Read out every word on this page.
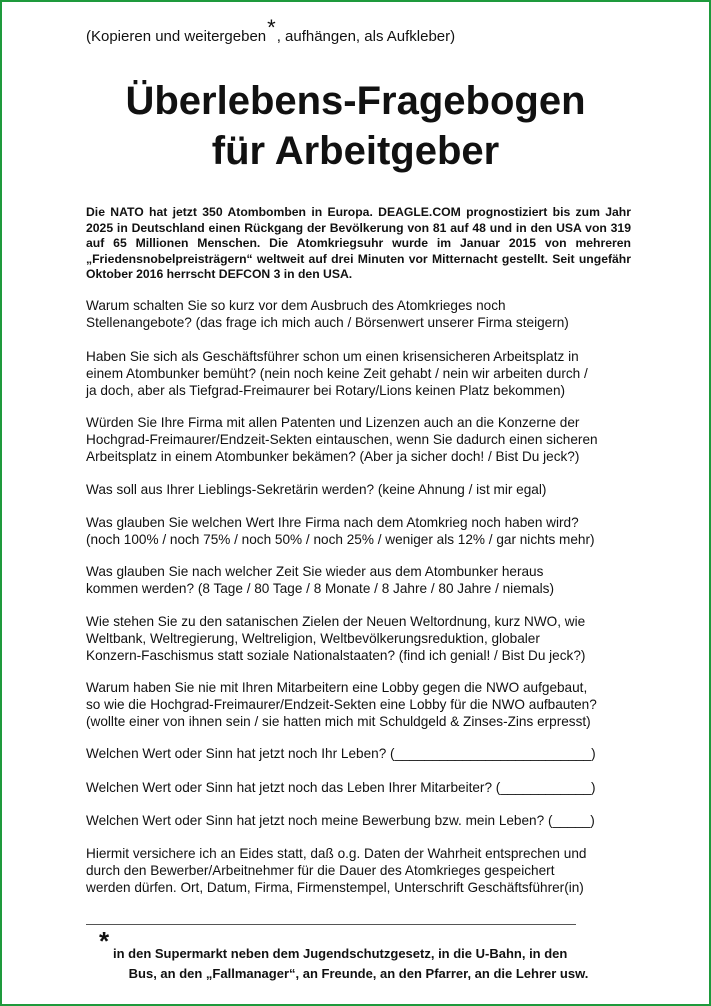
(Kopieren und weitergeben*, aufhängen, als Aufkleber)
Überlebens-Fragebogen
für Arbeitgeber
Die NATO hat jetzt 350 Atombomben in Europa. DEAGLE.COM prognostiziert bis zum Jahr 2025 in Deutschland einen Rückgang der Bevölkerung von 81 auf 48 und in den USA von 319 auf 65 Millionen Menschen. Die Atomkriegsuhr wurde im Januar 2015 von mehreren „Friedensnobelpreisträgern“ weltweit auf drei Minuten vor Mitternacht gestellt. Seit ungefähr Oktober 2016 herrscht DEFCON 3 in den USA.
Warum schalten Sie so kurz vor dem Ausbruch des Atomkrieges noch
Stellenangebote? (das frage ich mich auch / Börsenwert unserer Firma steigern)
Haben Sie sich als Geschäftsführer schon um einen krisensicheren Arbeitsplatz in
einem Atombunker bemüht? (nein noch keine Zeit gehabt / nein wir arbeiten durch /
ja doch, aber als Tiefgrad-Freimaurer bei Rotary/Lions keinen Platz bekommen)
Würden Sie Ihre Firma mit allen Patenten und Lizenzen auch an die Konzerne der
Hochgrad-Freimaurer/Endzeit-Sekten eintauschen, wenn Sie dadurch einen sicheren
Arbeitsplatz in einem Atombunker bekämen? (Aber ja sicher doch! / Bist Du jeck?)
Was soll aus Ihrer Lieblings-Sekretärin werden? (keine Ahnung / ist mir egal)
Was glauben Sie welchen Wert Ihre Firma nach dem Atomkrieg noch haben wird?
(noch 100% / noch 75% / noch 50% / noch 25% / weniger als 12% / gar nichts mehr)
Was glauben Sie nach welcher Zeit Sie wieder aus dem Atombunker heraus
kommen werden? (8 Tage / 80 Tage / 8 Monate / 8 Jahre / 80 Jahre / niemals)
Wie stehen Sie zu den satanischen Zielen der Neuen Weltordnung, kurz NWO, wie
Weltbank, Weltregierung, Weltreligion, Weltbevölkerungsreduktion, globaler
Konzern-Faschismus statt soziale Nationalstaaten? (find ich genial! / Bist Du jeck?)
Warum haben Sie nie mit Ihren Mitarbeitern eine Lobby gegen die NWO aufgebaut,
so wie die Hochgrad-Freimaurer/Endzeit-Sekten eine Lobby für die NWO aufbauten?
(wollte einer von ihnen sein / sie hatten mich mit Schuldgeld & Zinses-Zins erpresst)
Welchen Wert oder Sinn hat jetzt noch Ihr Leben? (__________________________)
Welchen Wert oder Sinn hat jetzt noch das Leben Ihrer Mitarbeiter? (____________)
Welchen Wert oder Sinn hat jetzt noch meine Bewerbung bzw. mein Leben? (_____)
Hiermit versichere ich an Eides statt, daß o.g. Daten der Wahrheit entsprechen und
durch den Bewerber/Arbeitnehmer für die Dauer des Atomkrieges gespeichert
werden dürfen. Ort, Datum, Firma, Firmenstempel, Unterschrift Geschäftsführer(in)
* in den Supermarkt neben dem Jugendschutzgesetz, in die U-Bahn, in den
Bus, an den „Fallmanager“, an Freunde, an den Pfarrer, an die Lehrer usw.
